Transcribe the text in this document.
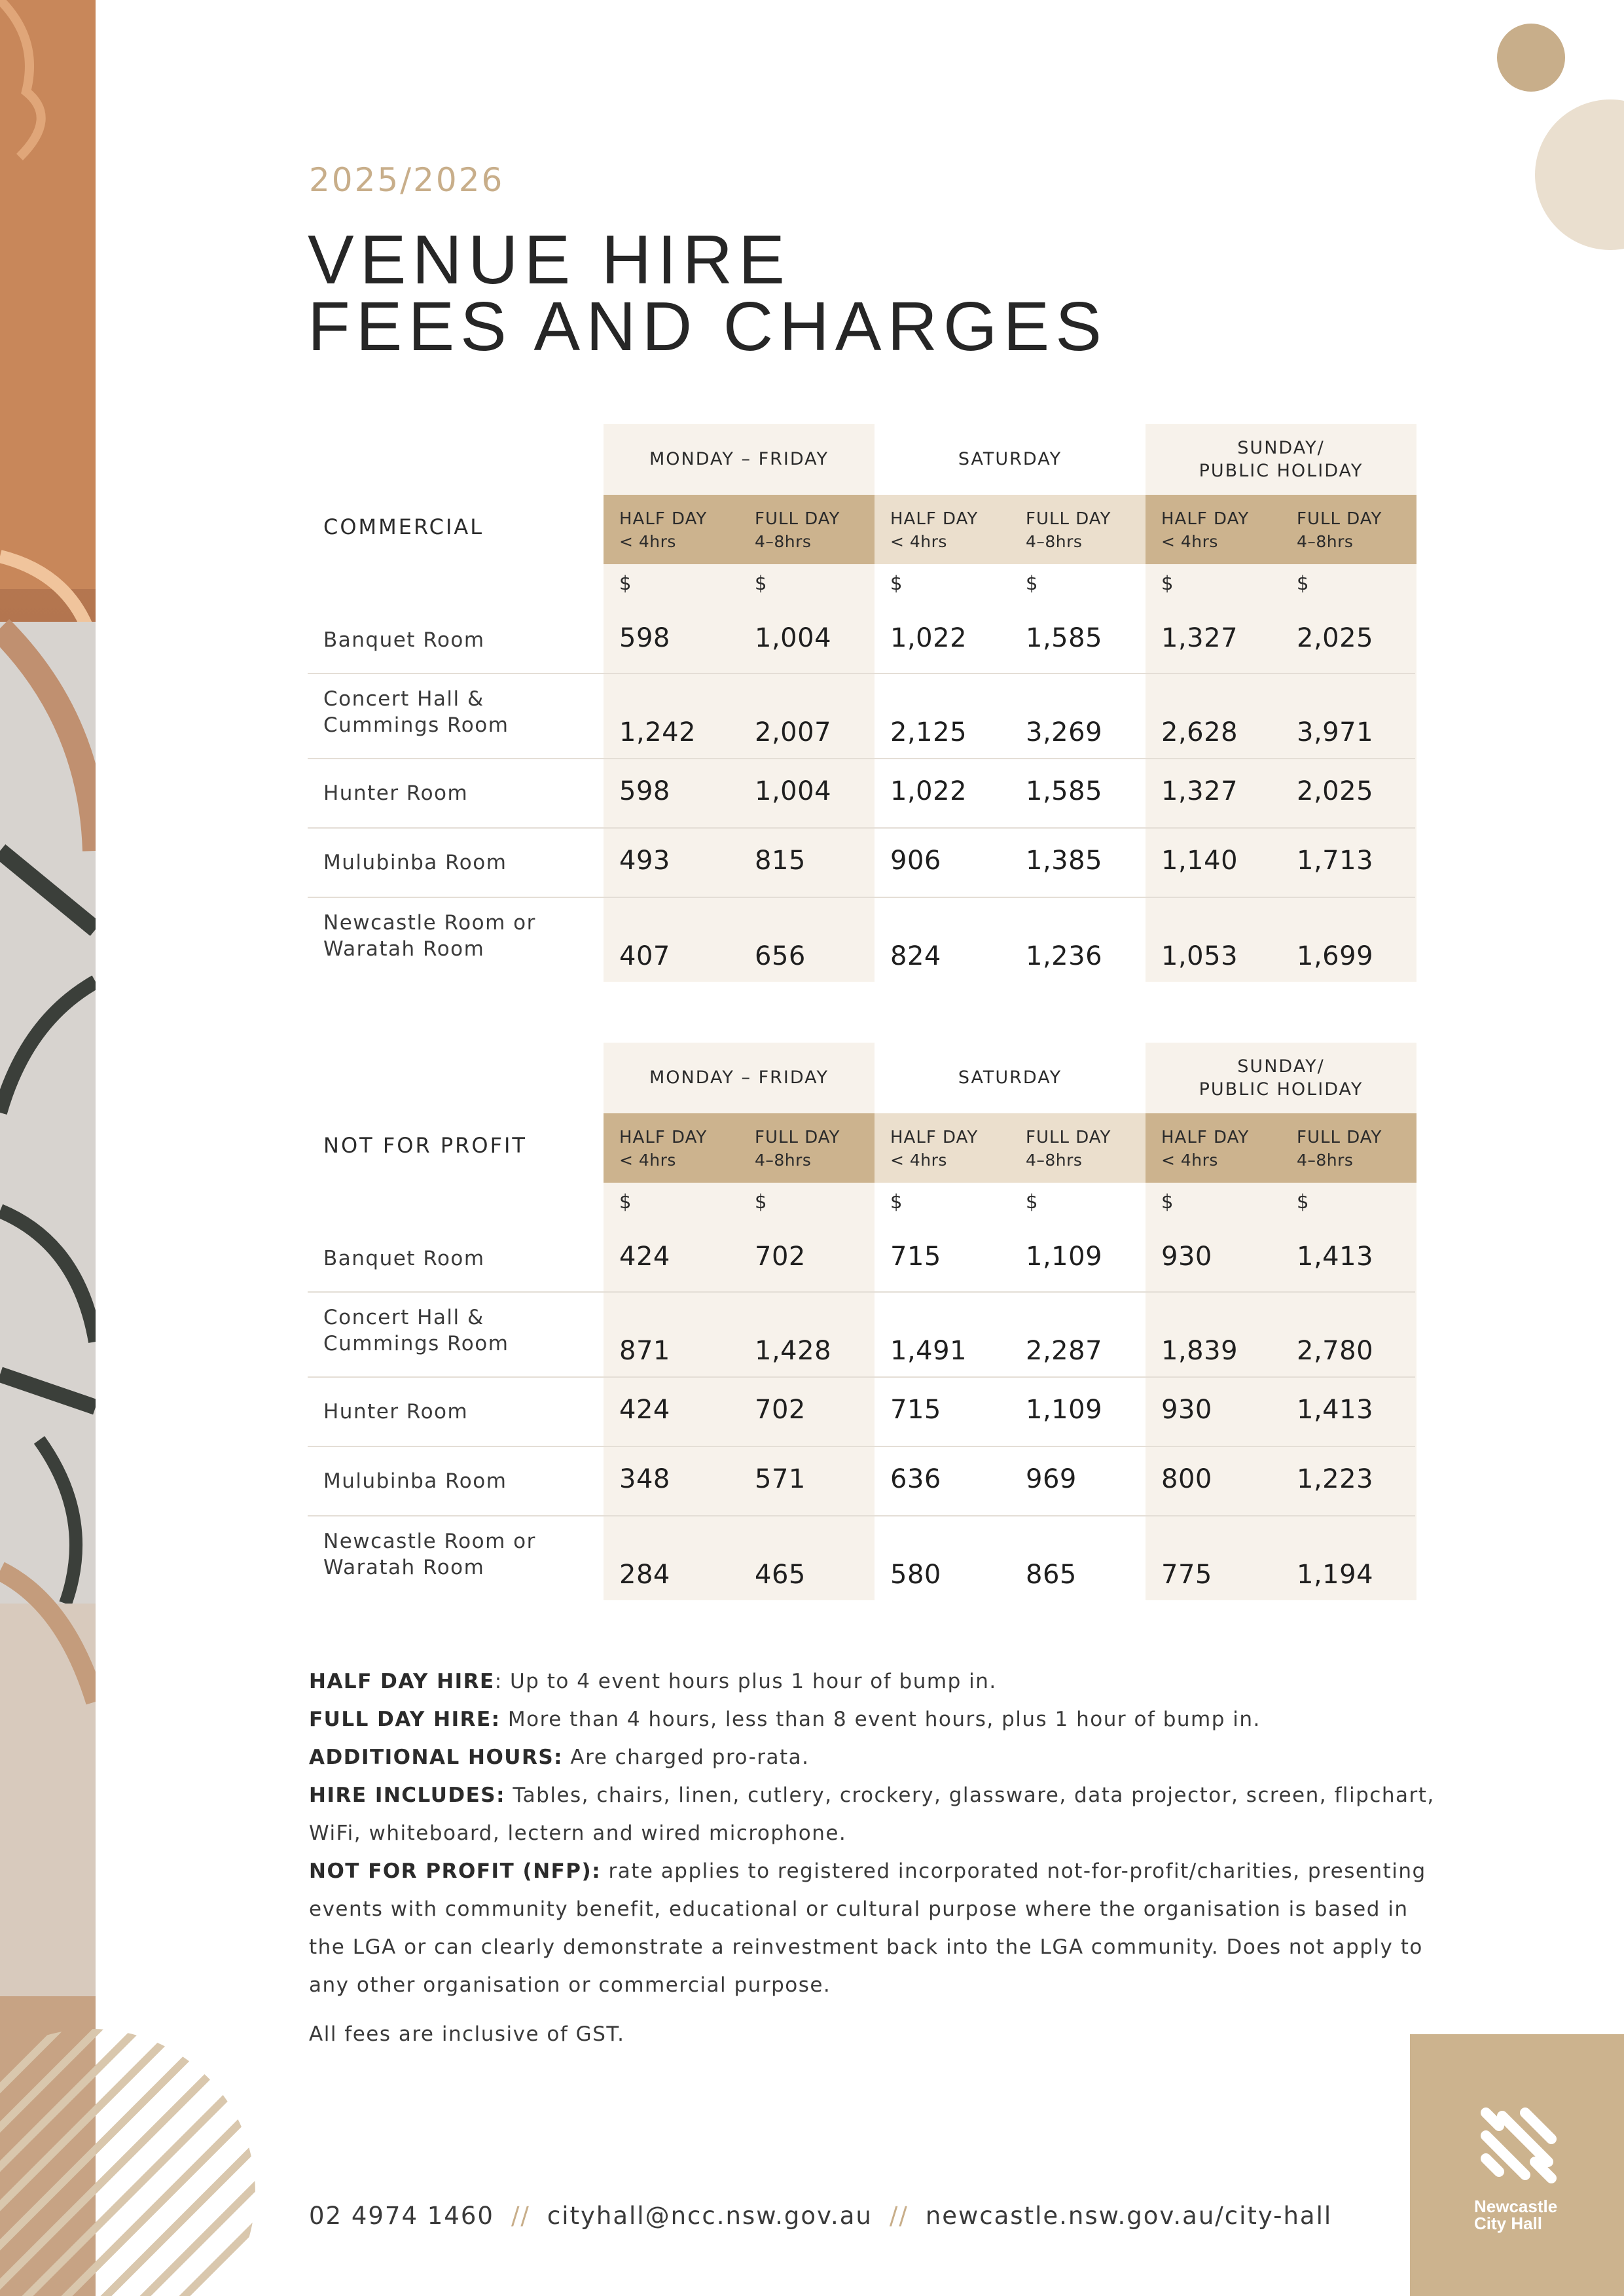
2025/2026
VENUE HIRE
FEES AND CHARGES
MONDAY – FRIDAY
HALF DAY
< 4hrs
FULL DAY
4–8hrs
$	$
SATURDAY
HALF DAY
< 4hrs
FULL DAY
4–8hrs
$	$
SUNDAY/
PUBLIC HOLIDAY
HALF DAY
< 4hrs
FULL DAY
4–8hrs
$	$
COMMERCIAL
Banquet Room	598	1,004 1,022 1,585 1,327 2,025
Concert Hall &
Cummings Room	1,242 2,007 2,125 3,269 2,628 3,971
Hunter Room	598	1,004 1,022 1,585 1,327 2,025
Mulubinba Room	493	815	906	1,385 1,140 1,713
Newcastle Room or
Waratah Room	407	656	824	1,236 1,053 1,699
MONDAY – FRIDAY
HALF DAY
< 4hrs
FULL DAY
4–8hrs
$	$
SATURDAY
HALF DAY
< 4hrs
FULL DAY
4–8hrs
$	$
SUNDAY/
PUBLIC HOLIDAY
HALF DAY
< 4hrs
FULL DAY
4–8hrs
$	$
NOT FOR PROFIT
Banquet Room	424	702	715	1,109 930	1,413
Concert Hall &
Cummings Room	871	1,428 1,491 2,287 1,839 2,780
Hunter Room	424	702	715	1,109 930	1,413
Mulubinba Room	348	571	636	969	800	1,223
Newcastle Room or
Waratah Room	284	465	580	865	775	1,194

HALF DAY HIRE: Up to 4 event hours plus 1 hour of bump in.

FULL DAY HIRE: More than 4 hours, less than 8 event hours, plus 1 hour of bump in.

ADDITIONAL HOURS: Are charged pro-rata.

HIRE INCLUDES: Tables, chairs, linen, cutlery, crockery, glassware, data projector, screen, flipchart, WiFi, whiteboard, lectern and wired microphone.

NOT FOR PROFIT (NFP): rate applies to registered incorporated not-for-profit/charities, presenting events with community benefit, educational or cultural purpose where the organisation is based in the LGA or can clearly demonstrate a reinvestment back into the LGA community. Does not apply to any other organisation or commercial purpose.

All fees are inclusive of GST.
02 4974 1460 // cityhall@ncc.nsw.gov.au // newcastle.nsw.gov.au/city-hall	Newcastle
City Hall
